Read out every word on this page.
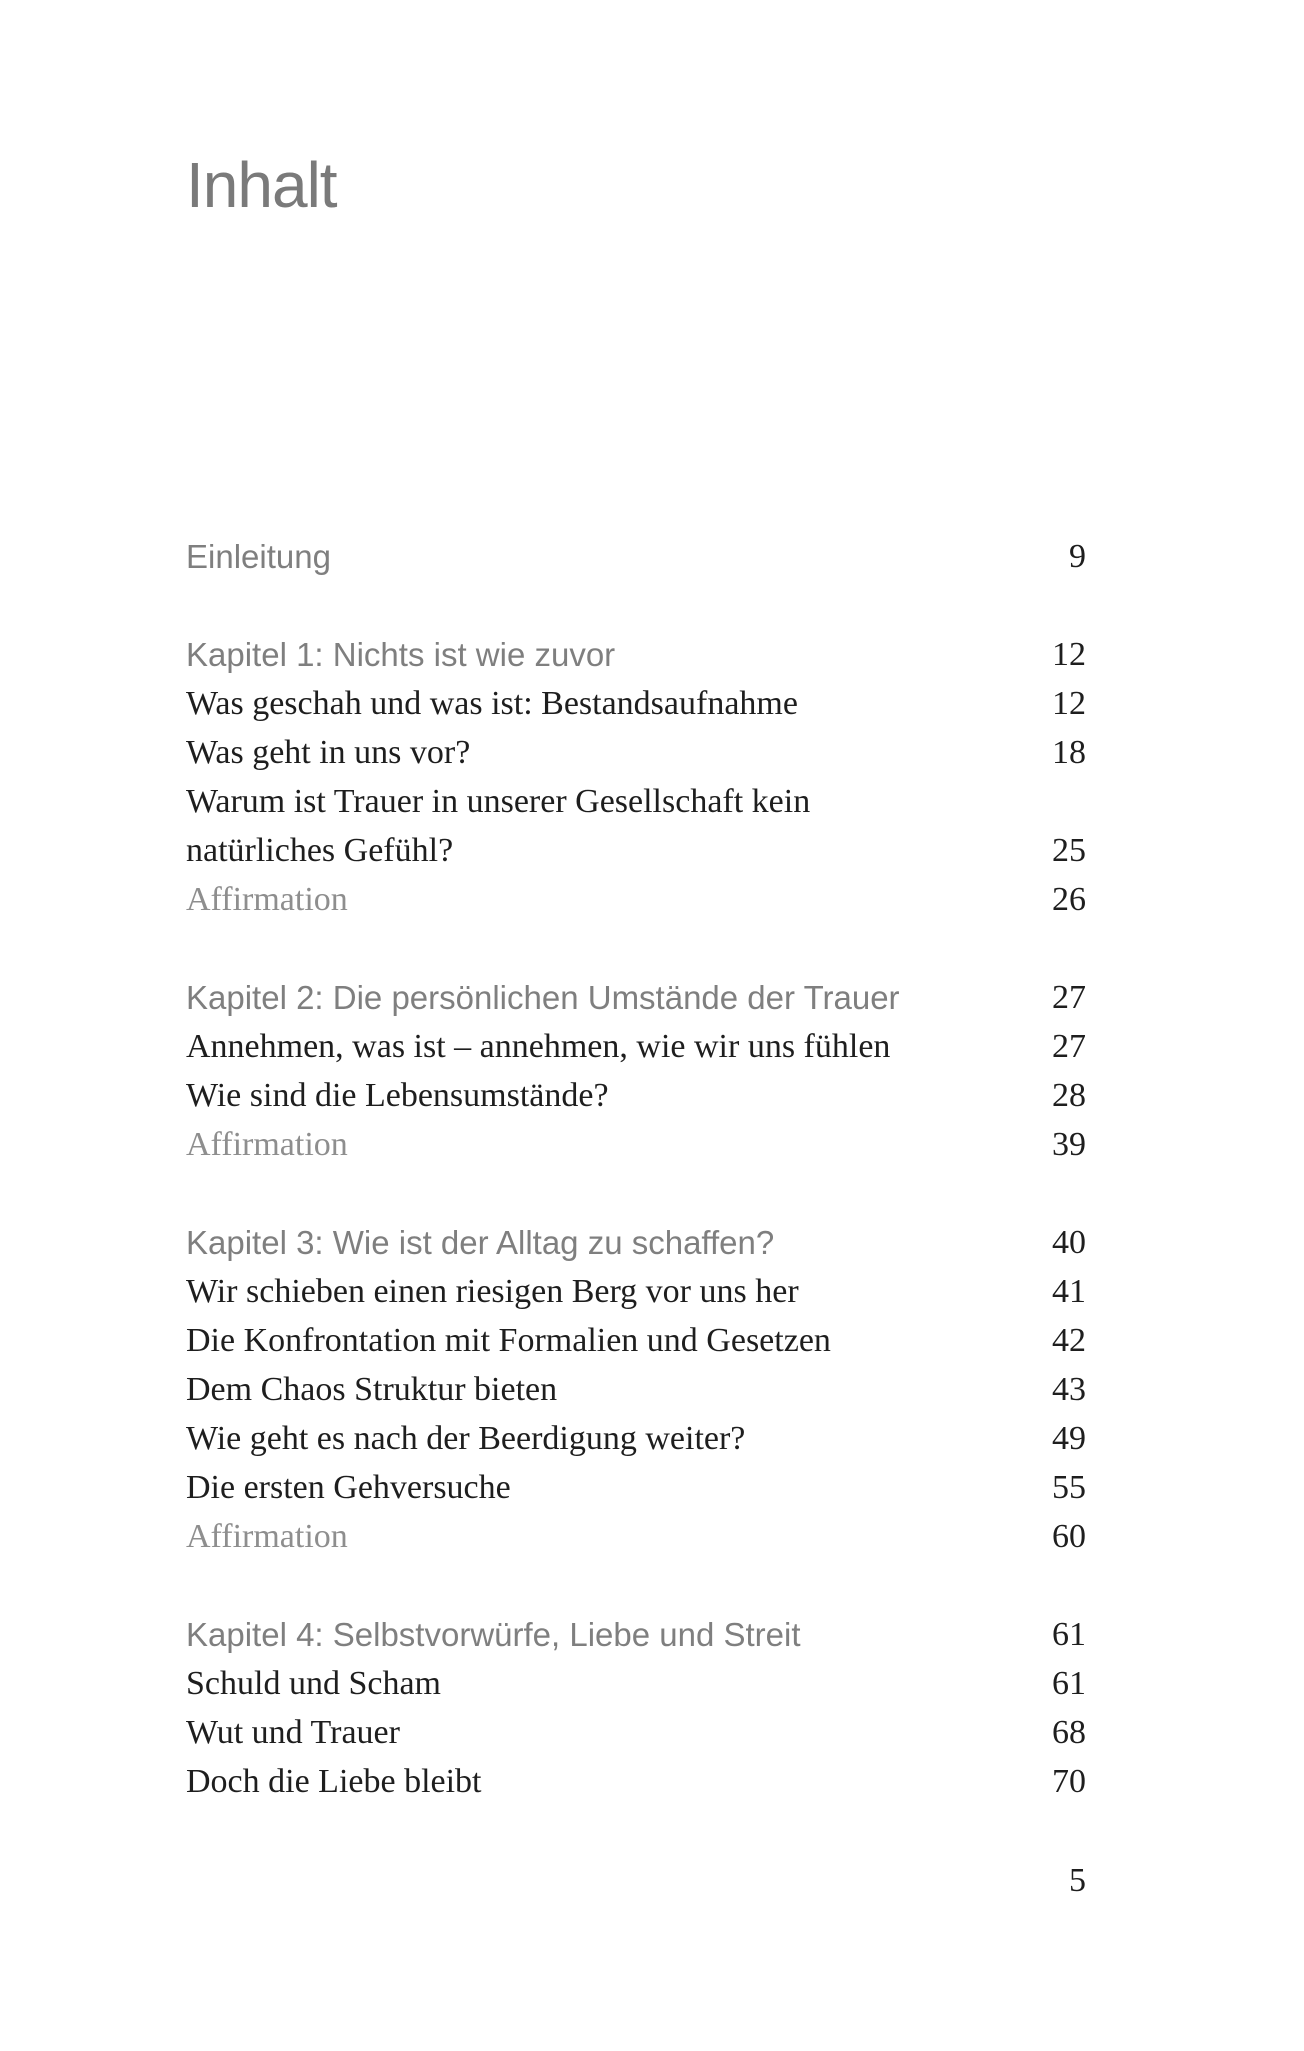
Inhalt
Einleitung	9
Kapitel 1: Nichts ist wie zuvor	12
Was geschah und was ist: Bestandsaufnahme	12
Was geht in uns vor?	18
Warum ist Trauer in unserer Gesellschaft kein
natürliches Gefühl?	25
Affirmation	26
Kapitel 2: Die persönlichen Umstände der Trauer	27
Annehmen, was ist – annehmen, wie wir uns fühlen	27
Wie sind die Lebensumstände?	28
Affirmation	39
Kapitel 3: Wie ist der Alltag zu schaffen?	40
Wir schieben einen riesigen Berg vor uns her	41
Die Konfrontation mit Formalien und Gesetzen	42
Dem Chaos Struktur bieten	43
Wie geht es nach der Beerdigung weiter?	49
Die ersten Gehversuche	55
Affirmation	60
Kapitel 4: Selbstvorwürfe, Liebe und Streit	61
Schuld und Scham	61
Wut und Trauer	68
Doch die Liebe bleibt	70
5
